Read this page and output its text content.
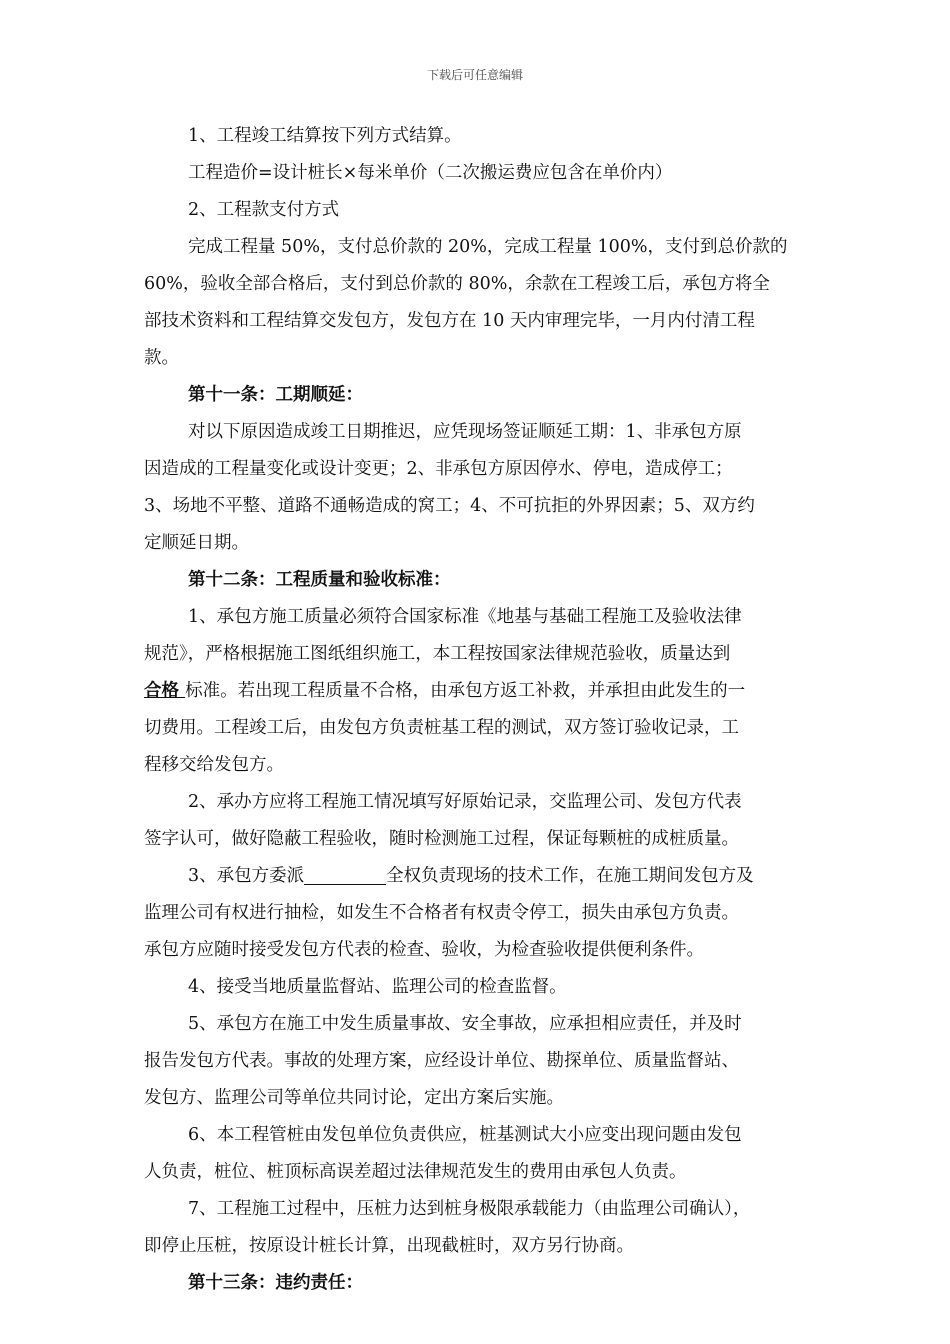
下载后可任意编辑
1、工程竣工结算按下列方式结算。
工程造价=设计桩长×每米单价（二次搬运费应包含在单价内）
2、工程款支付方式
完成工程量 50%，支付总价款的 20%，完成工程量 100%，支付到总价款的
60%，验收全部合格后，支付到总价款的 80%，余款在工程竣工后，承包方将全
部技术资料和工程结算交发包方，发包方在 10 天内审理完毕，一月内付清工程
款。
第十一条：工期顺延：
对以下原因造成竣工日期推迟，应凭现场签证顺延工期：1、非承包方原
因造成的工程量变化或设计变更；2、非承包方原因停水、停电，造成停工；
3、场地不平整、道路不通畅造成的窝工；4、不可抗拒的外界因素；5、双方约
定顺延日期。
第十二条：工程质量和验收标准：
1、承包方施工质量必须符合国家标准《地基与基础工程施工及验收法律
规范》，严格根据施工图纸组织施工，本工程按国家法律规范验收，质量达到
合格 标准。若出现工程质量不合格，由承包方返工补救，并承担由此发生的一
切费用。工程竣工后，由发包方负责桩基工程的测试，双方签订验收记录，工
程移交给发包方。
2、承办方应将工程施工情况填写好原始记录，交监理公司、发包方代表
签字认可，做好隐蔽工程验收，随时检测施工过程，保证每颗桩的成桩质量。
3、承包方委派	全权负责现场的技术工作，在施工期间发包方及
监理公司有权进行抽检，如发生不合格者有权责令停工，损失由承包方负责。
承包方应随时接受发包方代表的检查、验收，为检查验收提供便利条件。
4、接受当地质量监督站、监理公司的检查监督。
5、承包方在施工中发生质量事故、安全事故，应承担相应责任，并及时
报告发包方代表。事故的处理方案，应经设计单位、勘探单位、质量监督站、
发包方、监理公司等单位共同讨论，定出方案后实施。
6、本工程管桩由发包单位负责供应，桩基测试大小应变出现问题由发包
人负责，桩位、桩顶标高误差超过法律规范发生的费用由承包人负责。
7、工程施工过程中，压桩力达到桩身极限承载能力（由监理公司确认），
即停止压桩，按原设计桩长计算，出现截桩时，双方另行协商。
第十三条：违约责任：
